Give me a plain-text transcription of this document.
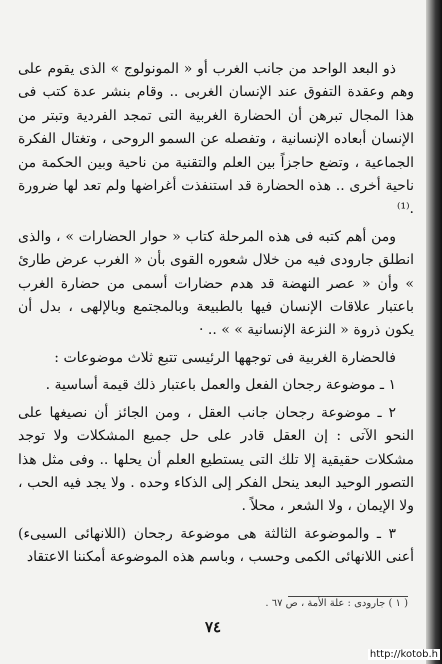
ذو البعد الواحد من جانب الغرب أو « المونولوج » الذى يقوم على وهم وعقدة التفوق عند الإنسان الغربى .. وقام بنشر عدة كتب فى هذا المجال تبرهن أن الحضارة الغربية التى تمجد الفردية وتبتر من الإنسان أبعاده الإنسانية ، وتفصله عن السمو الروحى ، وتغتال الفكرة الجماعية ، وتضع حاجزاً بين العلم والتقنية من ناحية وبين الحكمة من ناحية أخرى .. هذه الحضارة قد استنفذت أغراضها ولم تعد لها ضرورة .⁽¹⁾

ومن أهم كتبه فى هذه المرحلة كتاب « حوار الحضارات » ، والذى انطلق جارودى فيه من خلال شعوره القوى بأن « الغرب عرض طارئ » وأن « عصر النهضة قد هدم حضارات أسمى من حضارة الغرب باعتبار علاقات الإنسان فيها بالطبيعة وبالمجتمع وبالإلهى ، بدل أن يكون ذروة « النزعة الإنسانية » » .. ·

فالحضارة الغربية فى توجهها الرئيسى تتبع ثلاث موضوعات :

١ ـ موضوعة رجحان الفعل والعمل باعتبار ذلك قيمة أساسية .

٢ ـ موضوعة رجحان جانب العقل ، ومن الجائز أن نصيغها على النحو الآتى : إن العقل قادر على حل جميع المشكلات ولا توجد مشكلات حقيقية إلا تلك التى يستطيع العلم أن يحلها .. وفى مثل هذا التصور الوحيد البعد ينحل الفكر إلى الذكاء وحده . ولا يجد فيه الحب ، ولا الإيمان ، ولا الشعر ، محلاً .

٣ ـ والموضوعة الثالثة هى موضوعة رجحان (اللانهائى السيىء) أعنى اللانهائى الكمى وحسب ، وباسم هذه الموضوعة أمكننا الاعتقاد

( ١ ) جارودى : علة الأمة ، ص ٦٧ .
٧٤
http://kotob.h
